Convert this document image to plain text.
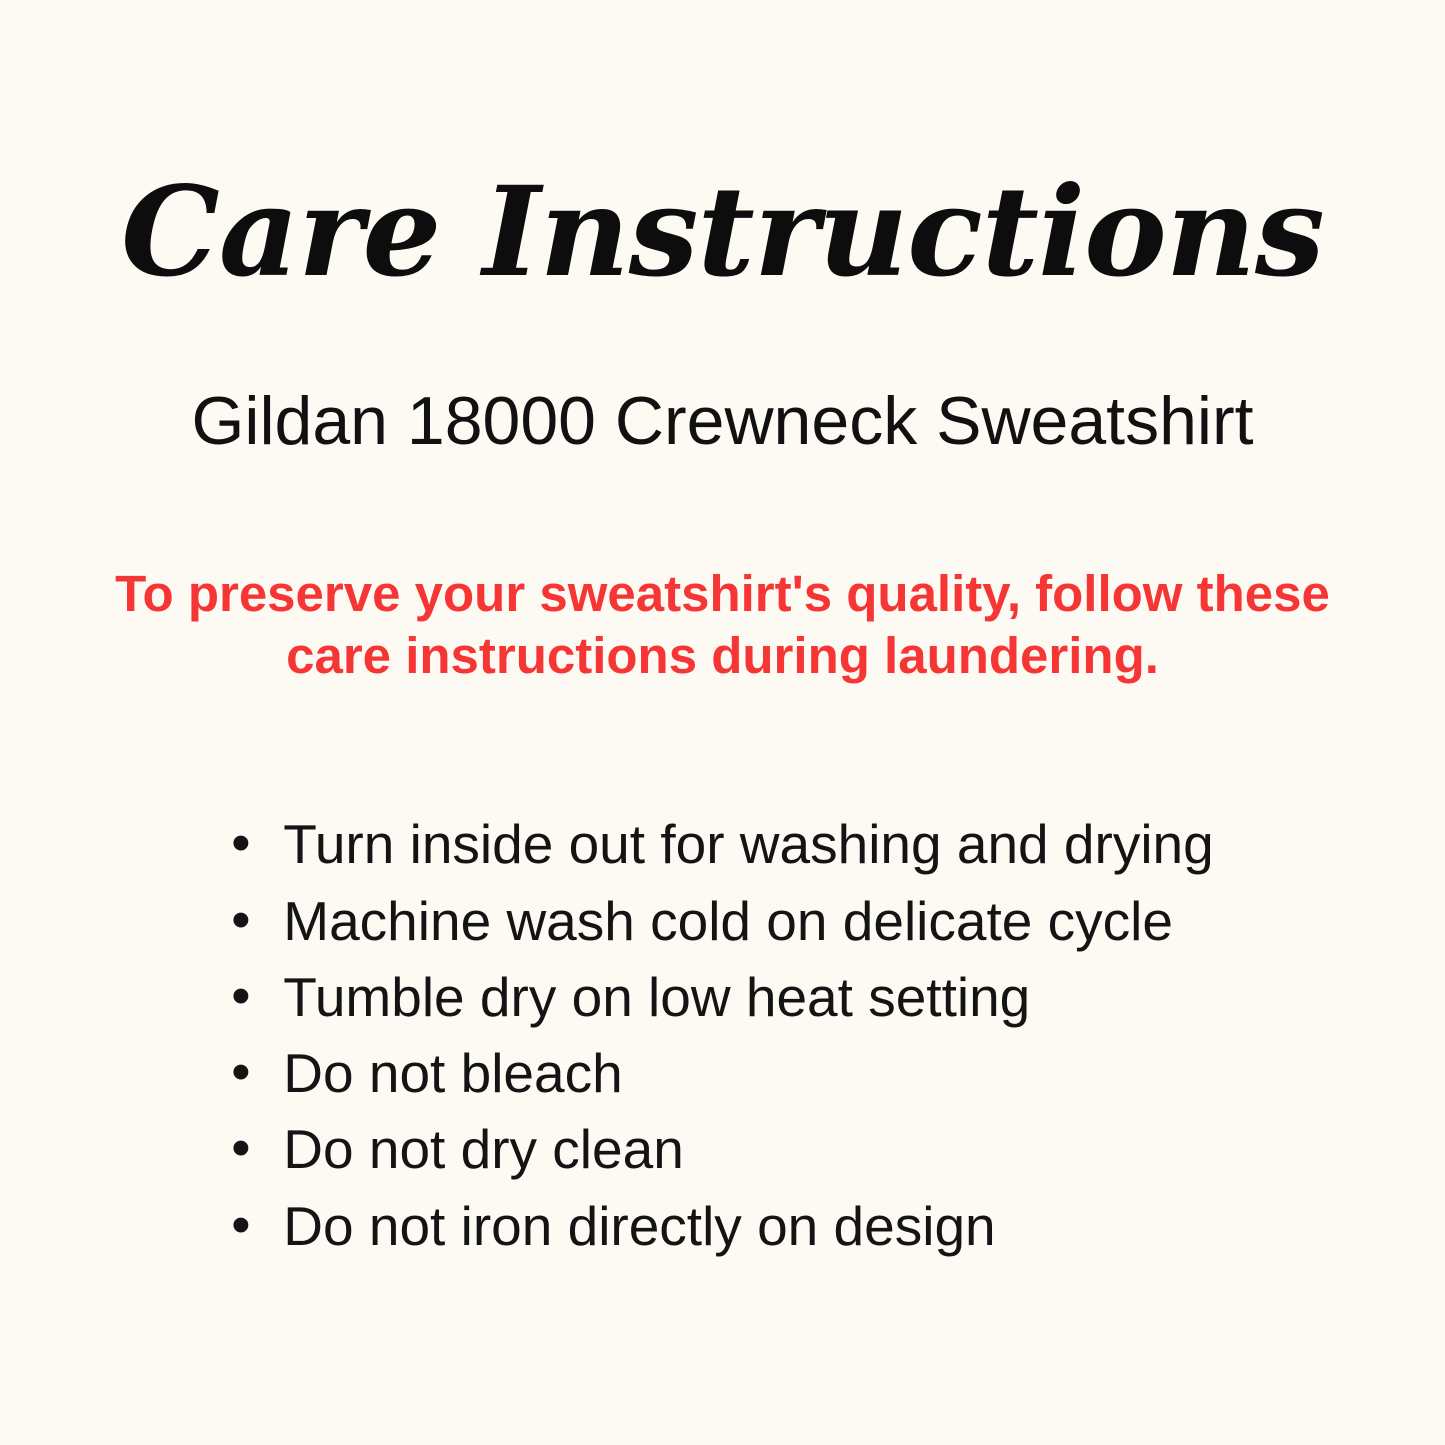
Care Instructions
Gildan 18000 Crewneck Sweatshirt
To preserve your sweatshirt's quality, follow these care instructions during laundering.
• Turn inside out for washing and drying
• Machine wash cold on delicate cycle
• Tumble dry on low heat setting
• Do not bleach
• Do not dry clean
• Do not iron directly on design
